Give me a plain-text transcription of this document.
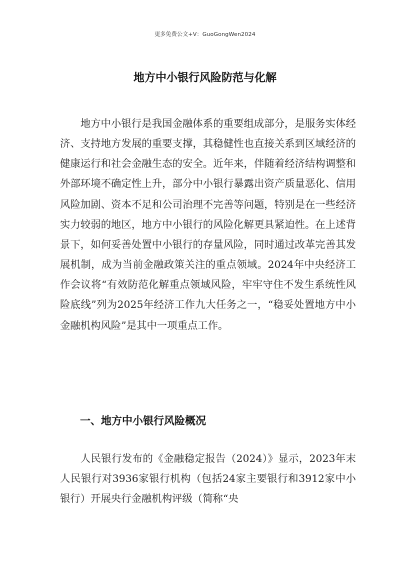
更多免费公文+V：GuoGongWen2024
地方中小银行风险防范与化解

地方中小银行是我国金融体系的重要组成部分，是服务实体经济、支持地方发展的重要支撑，其稳健性也直接关系到区域经济的健康运行和社会金融生态的安全。近年来，伴随着经济结构调整和外部环境不确定性上升，部分中小银行暴露出资产质量恶化、信用风险加剧、资本不足和公司治理不完善等问题，特别是在一些经济实力较弱的地区，地方中小银行的风险化解更具紧迫性。在上述背景下，如何妥善处置中小银行的存量风险，同时通过改革完善其发展机制，成为当前金融政策关注的重点领域。2024年中央经济工作会议将“有效防范化解重点领域风险，牢牢守住不发生系统性风险底线”列为2025年经济工作九大任务之一，“稳妥处置地方中小金融机构风险”是其中一项重点工作。

一、地方中小银行风险概况

人民银行发布的《金融稳定报告（2024）》显示，2023年末人民银行对3936家银行机构（包括24家主要银行和3912家中小银行）开展央行金融机构评级（简称“央
